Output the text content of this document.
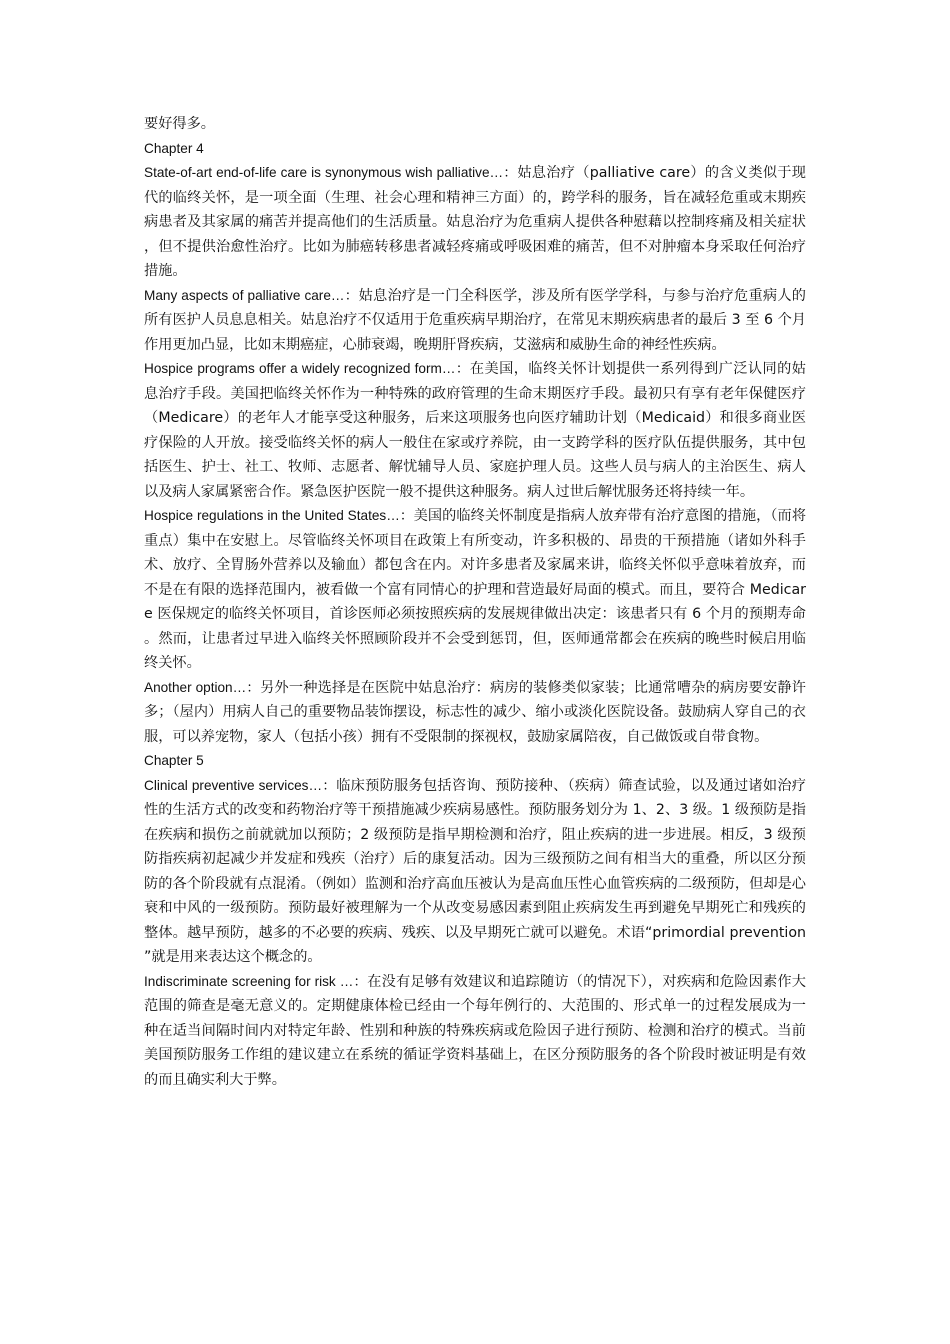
要好得多。

Chapter 4

State-of-art end-of-life care is synonymous wish palliative…：姑息治疗（palliative care）的含义类似于现代的临终关怀，是一项全面（生理、社会心理和精神三方面）的，跨学科的服务，旨在减轻危重或末期疾病患者及其家属的痛苦并提高他们的生活质量。姑息治疗为危重病人提供各种慰藉以控制疼痛及相关症状，但不提供治愈性治疗。比如为肺癌转移患者减轻疼痛或呼吸困难的痛苦，但不对肿瘤本身采取任何治疗措施。

Many aspects of palliative care…：姑息治疗是一门全科医学，涉及所有医学学科，与参与治疗危重病人的所有医护人员息息相关。姑息治疗不仅适用于危重疾病早期治疗，在常见末期疾病患者的最后 3 至 6 个月作用更加凸显，比如末期癌症，心肺衰竭，晚期肝肾疾病，艾滋病和威胁生命的神经性疾病。

Hospice programs offer a widely recognized form…：在美国，临终关怀计划提供一系列得到广泛认同的姑息治疗手段。美国把临终关怀作为一种特殊的政府管理的生命末期医疗手段。最初只有享有老年保健医疗（Medicare）的老年人才能享受这种服务，后来这项服务也向医疗辅助计划（Medicaid）和很多商业医疗保险的人开放。接受临终关怀的病人一般住在家或疗养院，由一支跨学科的医疗队伍提供服务，其中包括医生、护士、社工、牧师、志愿者、解忧辅导人员、家庭护理人员。这些人员与病人的主治医生、病人以及病人家属紧密合作。紧急医护医院一般不提供这种服务。病人过世后解忧服务还将持续一年。

Hospice regulations in the United States…：美国的临终关怀制度是指病人放弃带有治疗意图的措施，（而将重点）集中在安慰上。尽管临终关怀项目在政策上有所变动，许多积极的、昂贵的干预措施（诸如外科手术、放疗、全胃肠外营养以及输血）都包含在内。对许多患者及家属来讲，临终关怀似乎意味着放弃，而不是在有限的选择范围内，被看做一个富有同情心的护理和营造最好局面的模式。而且，要符合 Medicare 医保规定的临终关怀项目，首诊医师必须按照疾病的发展规律做出决定：该患者只有 6 个月的预期寿命。然而，让患者过早进入临终关怀照顾阶段并不会受到惩罚，但，医师通常都会在疾病的晚些时候启用临终关怀。

Another option…：另外一种选择是在医院中姑息治疗：病房的装修类似家装；比通常嘈杂的病房要安静许多；（屋内）用病人自己的重要物品装饰摆设，标志性的减少、缩小或淡化医院设备。鼓励病人穿自己的衣服，可以养宠物，家人（包括小孩）拥有不受限制的探视权，鼓励家属陪夜，自己做饭或自带食物。

Chapter 5

Clinical preventive services…：临床预防服务包括咨询、预防接种、（疾病）筛查试验，以及通过诸如治疗性的生活方式的改变和药物治疗等干预措施减少疾病易感性。预防服务划分为 1、2、3 级。1 级预防是指在疾病和损伤之前就就加以预防；2 级预防是指早期检测和治疗，阻止疾病的进一步进展。相反，3 级预防指疾病初起减少并发症和残疾（治疗）后的康复活动。因为三级预防之间有相当大的重叠，所以区分预防的各个阶段就有点混淆。（例如）监测和治疗高血压被认为是高血压性心血管疾病的二级预防，但却是心衰和中风的一级预防。预防最好被理解为一个从改变易感因素到阻止疾病发生再到避免早期死亡和残疾的整体。越早预防，越多的不必要的疾病、残疾、以及早期死亡就可以避免。术语“primordial prevention”就是用来表达这个概念的。

Indiscriminate screening for risk …：在没有足够有效建议和追踪随访（的情况下），对疾病和危险因素作大范围的筛查是毫无意义的。定期健康体检已经由一个每年例行的、大范围的、形式单一的过程发展成为一种在适当间隔时间内对特定年龄、性别和种族的特殊疾病或危险因子进行预防、检测和治疗的模式。当前美国预防服务工作组的建议建立在系统的循证学资料基础上，在区分预防服务的各个阶段时被证明是有效的而且确实利大于弊。
